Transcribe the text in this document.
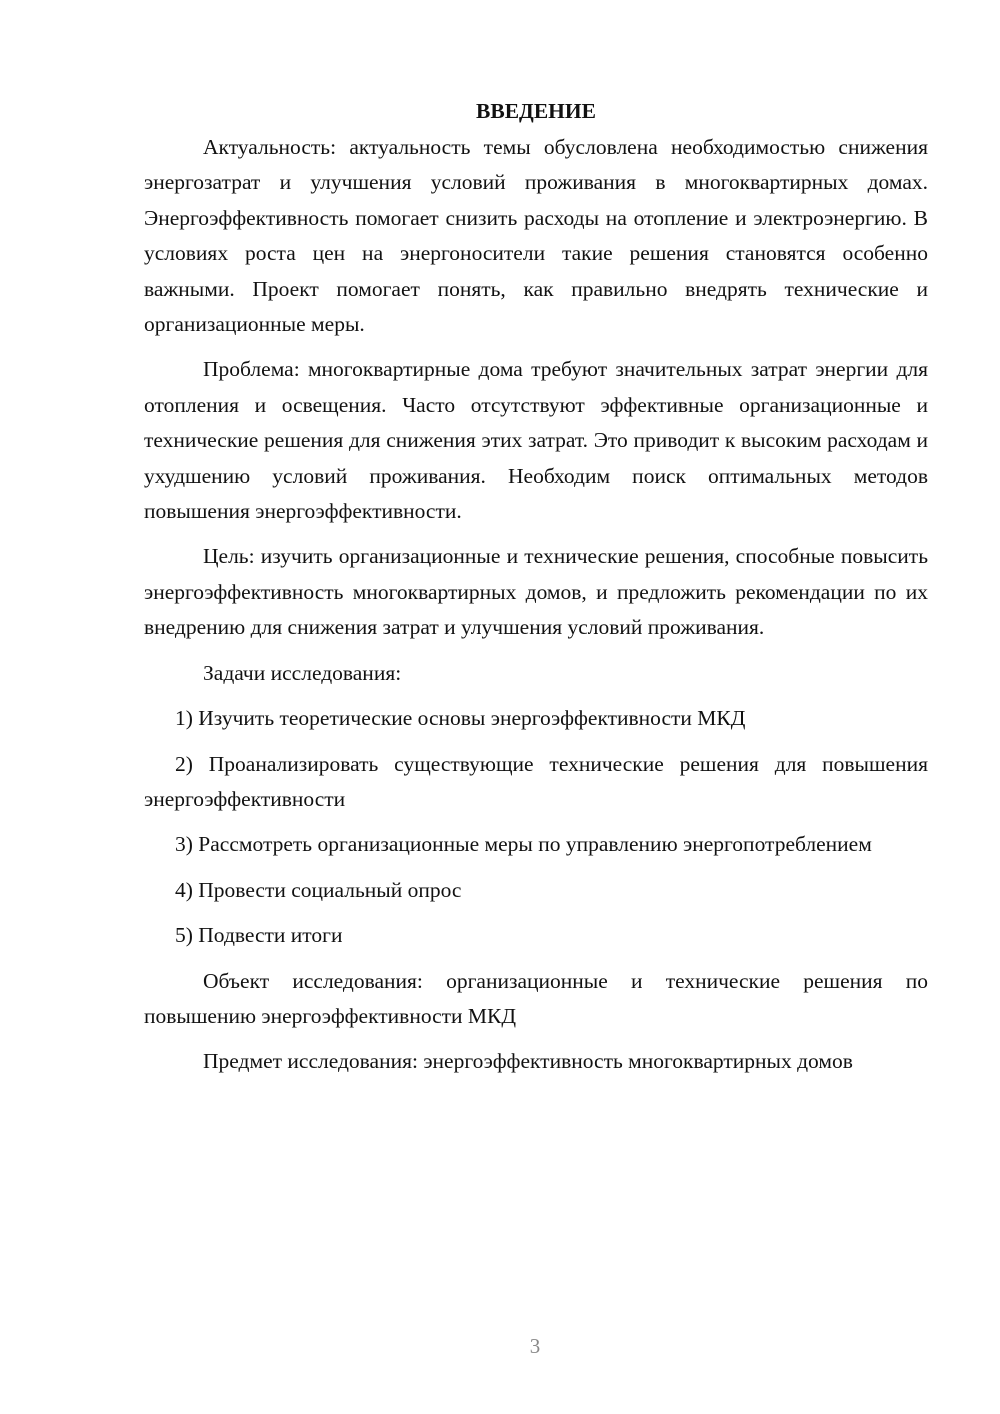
ВВЕДЕНИЕ

Актуальность: актуальность темы обусловлена необходимостью снижения энергозатрат и улучшения условий проживания в многоквартирных домах. Энергоэффективность помогает снизить расходы на отопление и электроэнергию. В условиях роста цен на энергоносители такие решения становятся особенно важными. Проект помогает понять, как правильно внедрять технические и организационные меры.

Проблема: многоквартирные дома требуют значительных затрат энергии для отопления и освещения. Часто отсутствуют эффективные организационные и технические решения для снижения этих затрат. Это приводит к высоким расходам и ухудшению условий проживания. Необходим поиск оптимальных методов повышения энергоэффективности.

Цель: изучить организационные и технические решения, способные повысить энергоэффективность многоквартирных домов, и предложить рекомендации по их внедрению для снижения затрат и улучшения условий проживания.

Задачи исследования:

1) Изучить теоретические основы энергоэффективности МКД

2) Проанализировать существующие технические решения для повышения энергоэффективности

3) Рассмотреть организационные меры по управлению энергопотреблением

4) Провести социальный опрос

5) Подвести итоги

Объект исследования: организационные и технические решения по повышению энергоэффективности МКД

Предмет исследования: энергоэффективность многоквартирных домов

3
